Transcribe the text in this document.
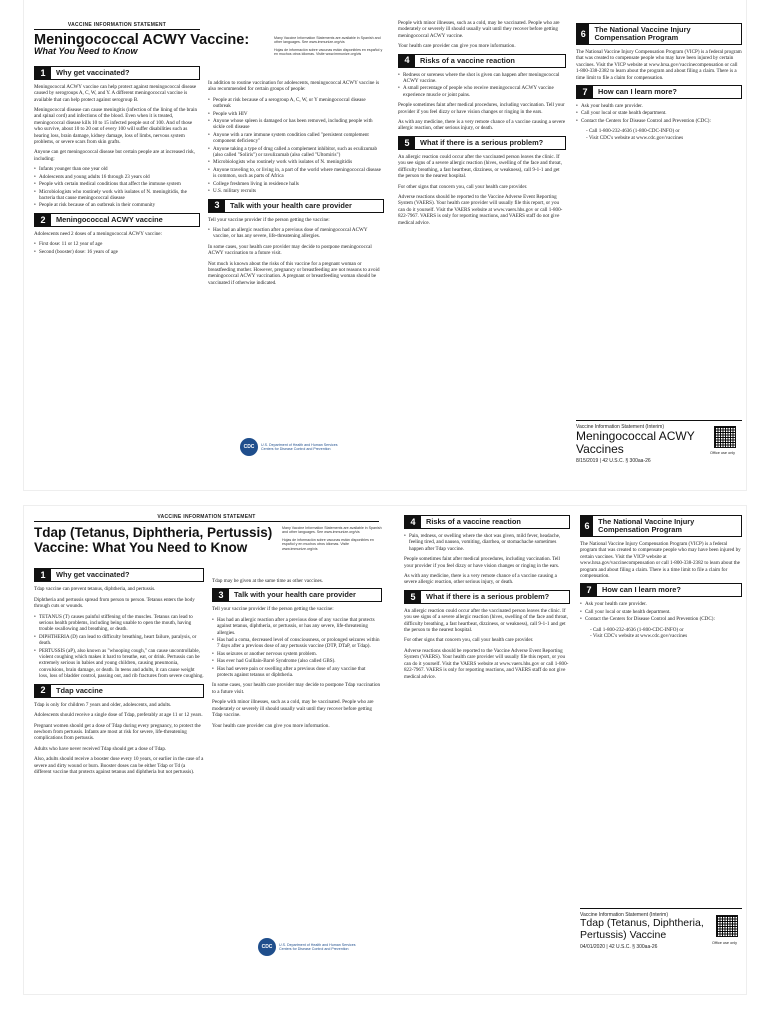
VACCINE INFORMATION STATEMENT
Meningococcal ACWY Vaccine:
What You Need to Know
1	Why get vaccinated?

Meningococcal ACWY vaccine can help protect against meningococcal disease caused by serogroups A, C, W, and Y. A different meningococcal vaccine is available that can help protect against serogroup B.

Meningococcal disease can cause meningitis (infection of the lining of the brain and spinal cord) and infections of the blood. Even when it is treated, meningococcal disease kills 10 to 15 infected people out of 100. And of those who survive, about 10 to 20 out of every 100 will suffer disabilities such as hearing loss, brain damage, kidney damage, loss of limbs, nervous system problems, or severe scars from skin grafts.

Anyone can get meningococcal disease but certain people are at increased risk, including:

• Infants younger than one year old
• Adolescents and young adults 16 through 23 years old
• People with certain medical conditions that affect the immune system
• Microbiologists who routinely work with isolates of N. meningitidis, the bacteria that cause meningococcal disease
• People at risk because of an outbreak in their community
2	Meningococcal ACWY vaccine

Adolescents need 2 doses of a meningococcal ACWY vaccine:

• First dose: 11 or 12 year of age
• Second (booster) dose: 16 years of age
Many Vaccine Information Statements are available in Spanish and other languages. See www.immunize.org/vis
Hojas de información sobre vacunas están disponibles en español y en muchos otros idiomas. Visite www.immunize.org/vis

In addition to routine vaccination for adolescents, meningococcal ACWY vaccine is also recommended for certain groups of people:

• People at risk because of a serogroup A, C, W, or Y meningococcal disease outbreak
• People with HIV
• Anyone whose spleen is damaged or has been removed, including people with sickle cell disease
• Anyone with a rare immune system condition called "persistent complement component deficiency"
• Anyone taking a type of drug called a complement inhibitor, such as eculizumab (also called "Soliris") or ravulizumab (also called "Ultomiris")
• Microbiologists who routinely work with isolates of N. meningitidis
• Anyone traveling to, or living in, a part of the world where meningococcal disease is common, such as parts of Africa
• College freshmen living in residence halls
• U.S. military recruits
3	Talk with your health care provider

Tell your vaccine provider if the person getting the vaccine:

• Has had an allergic reaction after a previous dose of meningococcal ACWY vaccine, or has any severe, life-threatening allergies.

In some cases, your health care provider may decide to postpone meningococcal ACWY vaccination to a future visit.

Not much is known about the risks of this vaccine for a pregnant woman or breastfeeding mother. However, pregnancy or breastfeeding are not reasons to avoid meningococcal ACWY vaccination. A pregnant or breastfeeding woman should be vaccinated if otherwise indicated.

CDC	U.S. Department of Health and Human Services
Centers for Disease Control and Prevention

People with minor illnesses, such as a cold, may be vaccinated. People who are moderately or severely ill should usually wait until they recover before getting meningococcal ACWY vaccine.

Your health care provider can give you more information.

4	Risks of a vaccine reaction
• Redness or soreness where the shot is given can happen after meningococcal ACWY vaccine.
• A small percentage of people who receive meningococcal ACWY vaccine experience muscle or joint pains.

People sometimes faint after medical procedures, including vaccination. Tell your provider if you feel dizzy or have vision changes or ringing in the ears.

As with any medicine, there is a very remote chance of a vaccine causing a severe allergic reaction, other serious injury, or death.

5	What if there is a serious problem?

An allergic reaction could occur after the vaccinated person leaves the clinic. If you see signs of a severe allergic reaction (hives, swelling of the face and throat, difficulty breathing, a fast heartbeat, dizziness, or weakness), call 9-1-1 and get the person to the nearest hospital.

For other signs that concern you, call your health care provider.

Adverse reactions should be reported to the Vaccine Adverse Event Reporting System (VAERS). Your health care provider will usually file this report, or you can do it yourself. Visit the VAERS website at www.vaers.hhs.gov or call 1-800-822-7967. VAERS is only for reporting reactions, and VAERS staff do not give medical advice.

6	The National Vaccine Injury Compensation Program

The National Vaccine Injury Compensation Program (VICP) is a federal program that was created to compensate people who may have been injured by certain vaccines. Visit the VICP website at www.hrsa.gov/vaccinecompensation or call 1-800-338-2382 to learn about the program and about filing a claim. There is a time limit to file a claim for compensation.

7	How can I learn more?
• Ask your health care provider.
• Call your local or state health department.
• Contact the Centers for Disease Control and Prevention (CDC):
- Call 1-800-232-4636 (1-800-CDC-INFO) or
- Visit CDC's website at www.cdc.gov/vaccines
Vaccine Information Statement (Interim)
Meningococcal ACWY Vaccines
8/15/2019 | 42 U.S.C. § 300aa-26
Office use only
VACCINE INFORMATION STATEMENT
Tdap (Tetanus, Diphtheria, Pertussis) Vaccine: What You Need to Know
1	Why get vaccinated?

Tdap vaccine can prevent tetanus, diphtheria, and pertussis.

Diphtheria and pertussis spread from person to person. Tetanus enters the body through cuts or wounds.

• TETANUS (T) causes painful stiffening of the muscles. Tetanus can lead to serious health problems, including being unable to open the mouth, having trouble swallowing and breathing, or death.
• DIPHTHERIA (D) can lead to difficulty breathing, heart failure, paralysis, or death.
• PERTUSSIS (aP), also known as "whooping cough," can cause uncontrollable, violent coughing which makes it hard to breathe, eat, or drink. Pertussis can be extremely serious in babies and young children, causing pneumonia, convulsions, brain damage, or death. In teens and adults, it can cause weight loss, loss of bladder control, passing out, and rib fractures from severe coughing.
2	Tdap vaccine

Tdap is only for children 7 years and older, adolescents, and adults.

Adolescents should receive a single dose of Tdap, preferably at age 11 or 12 years.

Pregnant women should get a dose of Tdap during every pregnancy, to protect the newborn from pertussis. Infants are most at risk for severe, life-threatening complications from pertussis.

Adults who have never received Tdap should get a dose of Tdap.

Also, adults should receive a booster dose every 10 years, or earlier in the case of a severe and dirty wound or burn. Booster doses can be either Tdap or Td (a different vaccine that protects against tetanus and diphtheria but not pertussis).

Many Vaccine Information Statements are available in Spanish and other languages. See www.immunize.org/vis
Hojas de información sobre vacunas están disponibles en español y en muchos otros idiomas. Visite www.immunize.org/vis

Tdap may be given at the same time as other vaccines.

3	Talk with your health care provider

Tell your vaccine provider if the person getting the vaccine:

• Has had an allergic reaction after a previous dose of any vaccine that protects against tetanus, diphtheria, or pertussis, or has any severe, life-threatening allergies.
• Has had a coma, decreased level of consciousness, or prolonged seizures within 7 days after a previous dose of any pertussis vaccine (DTP, DTaP, or Tdap).
• Has seizures or another nervous system problem.
• Has ever had Guillain-Barré Syndrome (also called GBS).
• Has had severe pain or swelling after a previous dose of any vaccine that protects against tetanus or diphtheria.

In some cases, your health care provider may decide to postpone Tdap vaccination to a future visit.

People with minor illnesses, such as a cold, may be vaccinated. People who are moderately or severely ill should usually wait until they recover before getting Tdap vaccine.

Your health care provider can give you more information.

CDC	U.S. Department of Health and Human Services
Centers for Disease Control and Prevention
4	Risks of a vaccine reaction
• Pain, redness, or swelling where the shot was given, mild fever, headache, feeling tired, and nausea, vomiting, diarrhea, or stomachache sometimes happen after Tdap vaccine.

People sometimes faint after medical procedures, including vaccination. Tell your provider if you feel dizzy or have vision changes or ringing in the ears.

As with any medicine, there is a very remote chance of a vaccine causing a severe allergic reaction, other serious injury, or death.

5	What if there is a serious problem?

An allergic reaction could occur after the vaccinated person leaves the clinic. If you see signs of a severe allergic reaction (hives, swelling of the face and throat, difficulty breathing, a fast heartbeat, dizziness, or weakness), call 9-1-1 and get the person to the nearest hospital.

For other signs that concern you, call your health care provider.

Adverse reactions should be reported to the Vaccine Adverse Event Reporting System (VAERS). Your health care provider will usually file this report, or you can do it yourself. Visit the VAERS website at www.vaers.hhs.gov or call 1-800-822-7967. VAERS is only for reporting reactions, and VAERS staff do not give medical advice.

6	The National Vaccine Injury Compensation Program

The National Vaccine Injury Compensation Program (VICP) is a federal program that was created to compensate people who may have been injured by certain vaccines. Visit the VICP website at www.hrsa.gov/vaccinecompensation or call 1-800-338-2382 to learn about the program and about filing a claim. There is a time limit to file a claim for compensation.

7	How can I learn more?
• Ask your health care provider.
• Call your local or state health department.
• Contact the Centers for Disease Control and Prevention (CDC):
- Call 1-800-232-4636 (1-800-CDC-INFO) or
- Visit CDC's website at www.cdc.gov/vaccines
Vaccine Information Statement (Interim)
Tdap (Tetanus, Diphtheria, Pertussis) Vaccine
04/01/2020 | 42 U.S.C. § 300aa-26
Office use only
